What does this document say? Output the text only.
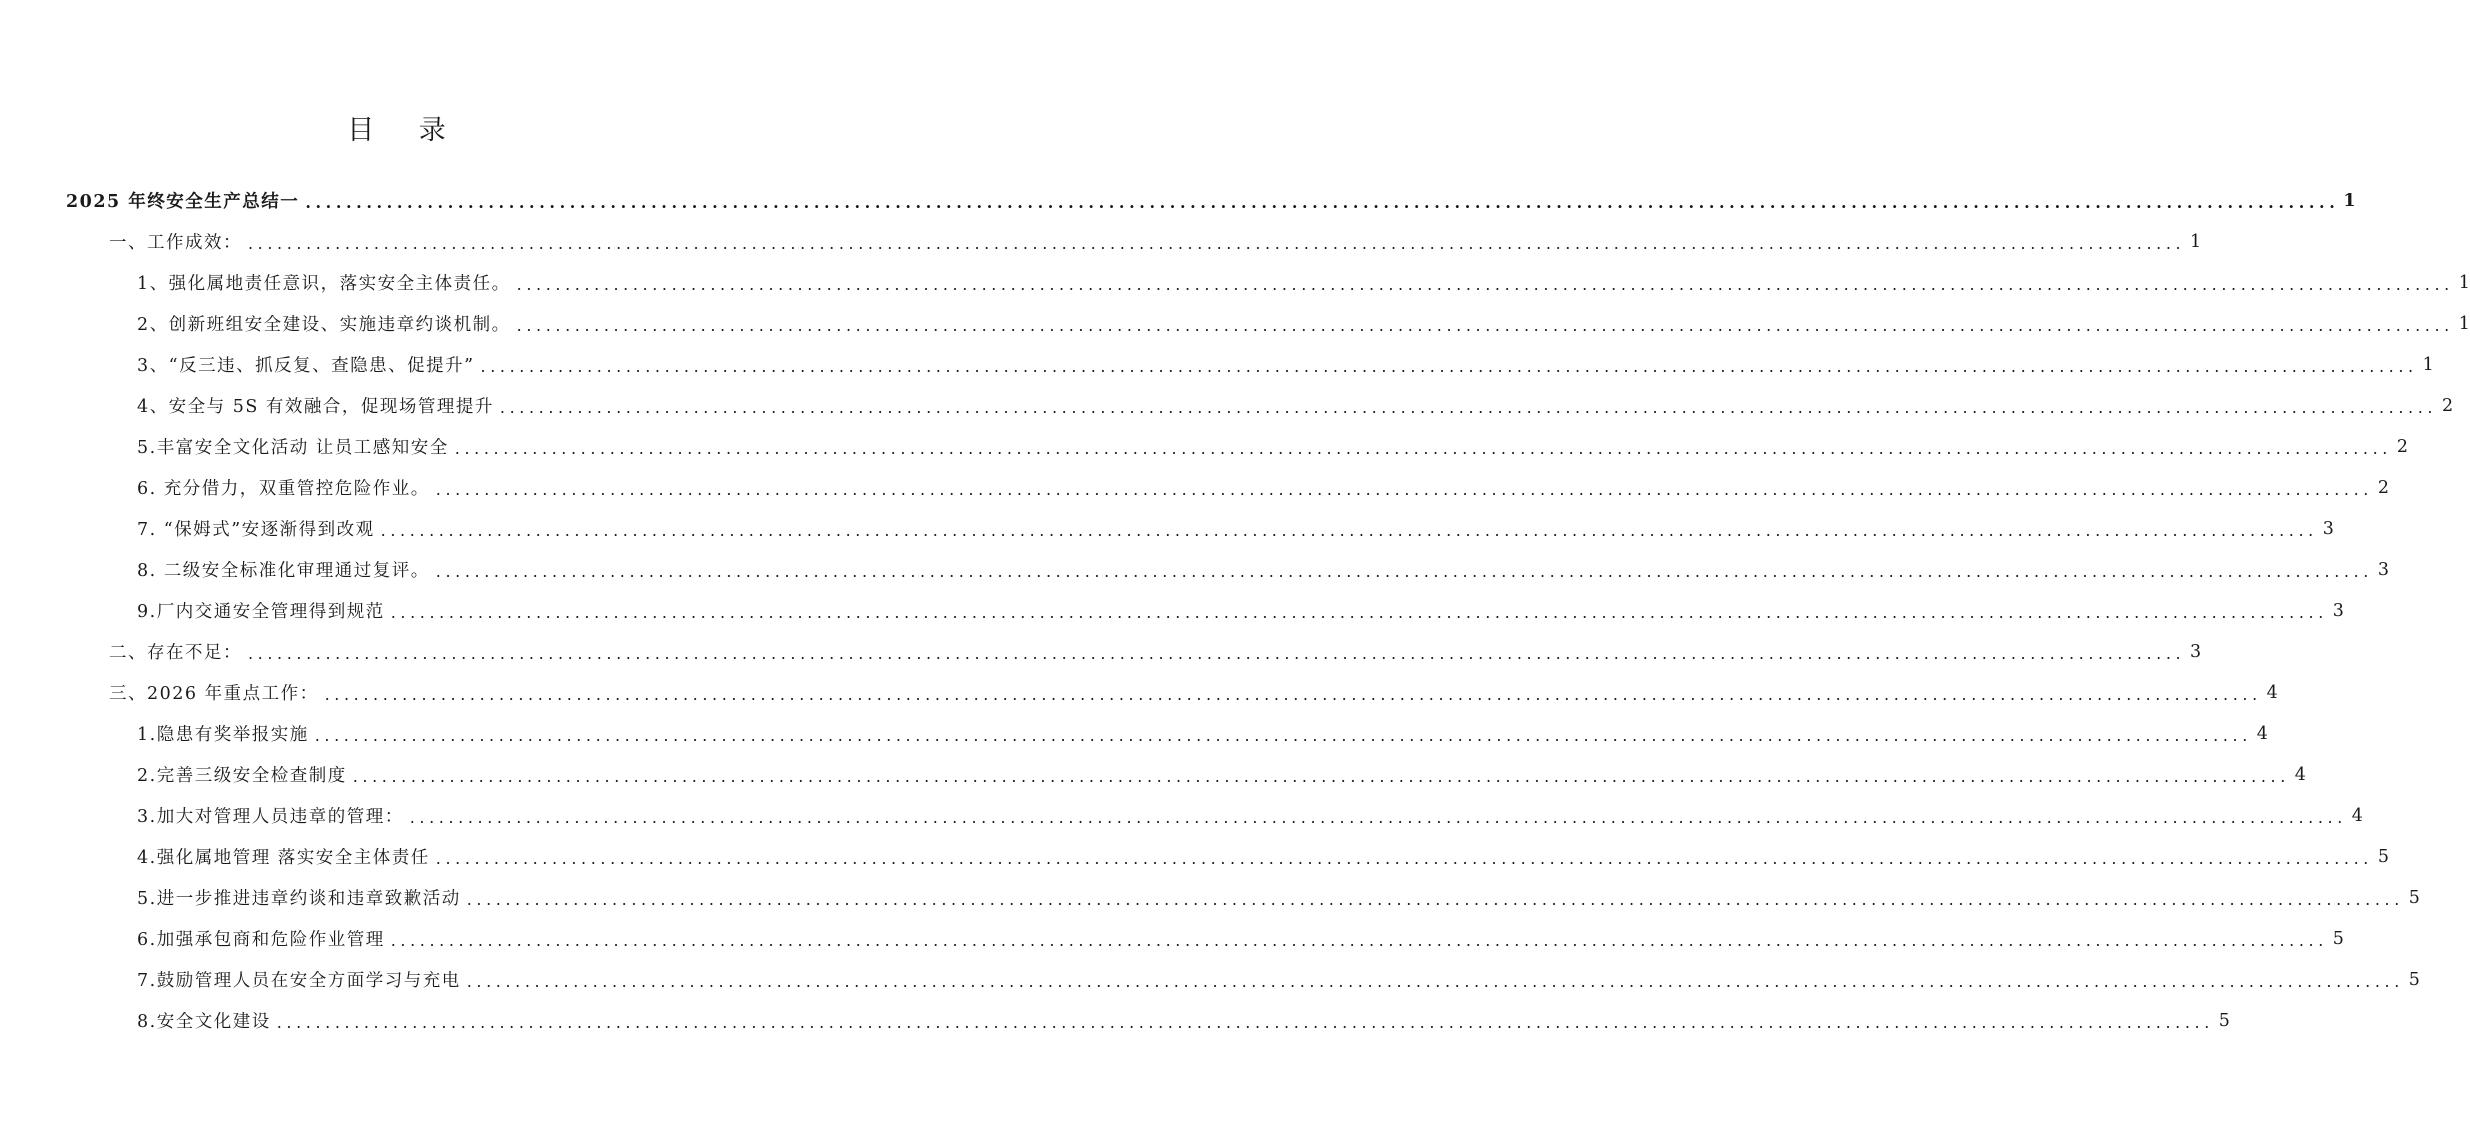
目 录
2025 年终安全生产总结一 ........................................................................................................................................................................................................ 1
一、工作成效： ........................................................................................................................................................................................................ 1
1、强化属地责任意识，落实安全主体责任。 ........................................................................................................................................................................................................ 1
2、创新班组安全建设、实施违章约谈机制。 ........................................................................................................................................................................................................ 1
3、“反三违、抓反复、查隐患、促提升” ........................................................................................................................................................................................................ 1
4、安全与 5S 有效融合，促现场管理提升 ........................................................................................................................................................................................................ 2
5.丰富安全文化活动 让员工感知安全 ........................................................................................................................................................................................................ 2
6. 充分借力，双重管控危险作业。 ........................................................................................................................................................................................................ 2
7. “保姆式”安逐渐得到改观 ........................................................................................................................................................................................................ 3
8. 二级安全标准化审理通过复评。 ........................................................................................................................................................................................................ 3
9.厂内交通安全管理得到规范 ........................................................................................................................................................................................................ 3
二、存在不足： ........................................................................................................................................................................................................ 3
三、2026 年重点工作： ........................................................................................................................................................................................................ 4
1.隐患有奖举报实施 ........................................................................................................................................................................................................ 4
2.完善三级安全检查制度 ........................................................................................................................................................................................................ 4
3.加大对管理人员违章的管理： ........................................................................................................................................................................................................ 4
4.强化属地管理 落实安全主体责任 ........................................................................................................................................................................................................ 5
5.进一步推进违章约谈和违章致歉活动 ........................................................................................................................................................................................................ 5
6.加强承包商和危险作业管理 ........................................................................................................................................................................................................ 5
7.鼓励管理人员在安全方面学习与充电 ........................................................................................................................................................................................................ 5
8.安全文化建设 ........................................................................................................................................................................................................ 5
